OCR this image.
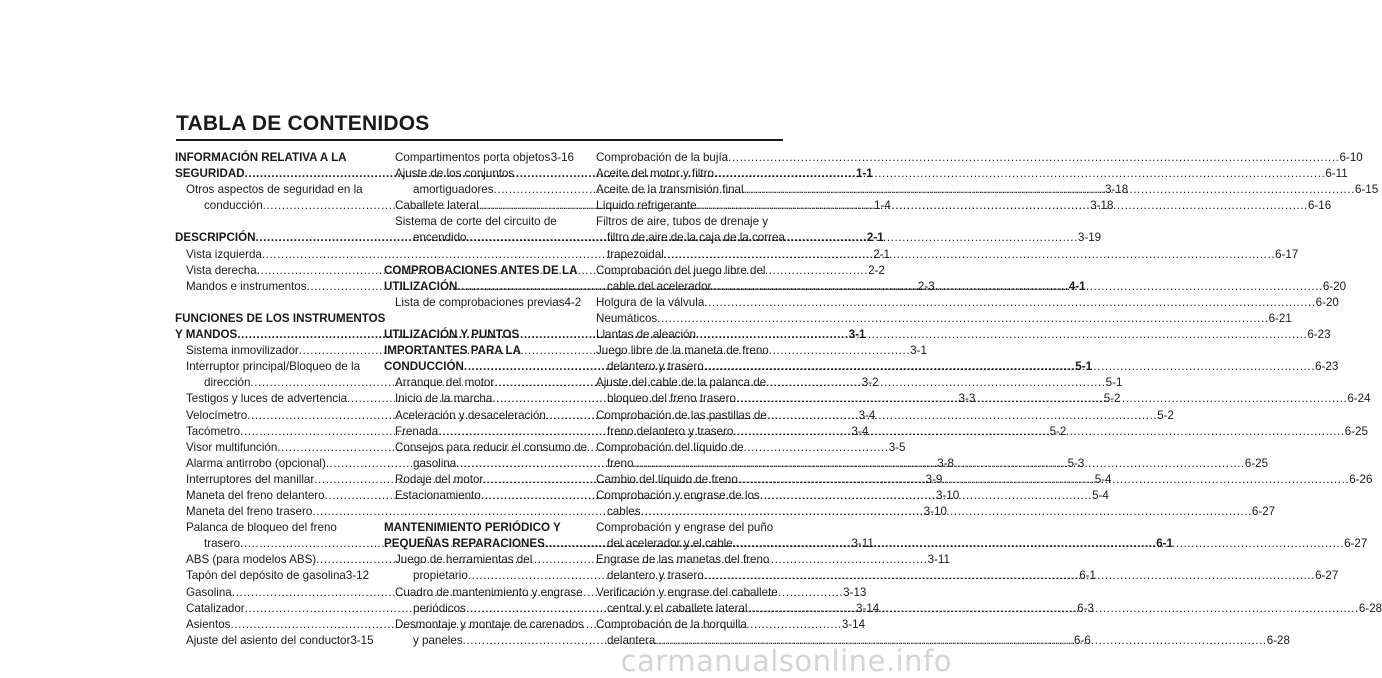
TABLA DE CONTENIDOS
INFORMACIÓN RELATIVA A LA
SEGURIDAD .....	1-1
Otros aspectos de seguridad en la
conducción .....	1-4
DESCRIPCIÓN .....	2-1
Vista izquierda .....	2-1
Vista derecha .....	2-2
Mandos e instrumentos .....	2-3
FUNCIONES DE LOS INSTRUMENTOS
Y MANDOS .....	3-1
Sistema inmovilizador .....	3-1
Interruptor principal/Bloqueo de la
dirección .....	3-2
Testigos y luces de advertencia .....	3-3
Velocímetro .....	3-4
Tacómetro .....	3-4
Visor multifunción .....	3-5
Alarma antirrobo (opcional) .....	3-8
Interruptores del manillar .....	3-9
Maneta del freno delantero .....	3-10
Maneta del freno trasero .....	3-10
Palanca de bloqueo del freno
trasero .....	3-11
ABS (para modelos ABS) .....	3-11
Tapón del depósito de gasolina 3-12
Gasolina .....	3-13
Catalizador .....	3-14
Asientos .....	3-14
Ajuste del asiento del conductor 3-15
Compartimentos porta objetos ..... 3-16
Ajuste de los conjuntos
amortiguadores .....	3-18
Caballete lateral .....	3-18
Sistema de corte del circuito de
encendido .....	3-19
COMPROBACIONES ANTES DE LA
UTILIZACIÓN .....	4-1
Lista de comprobaciones previas 4-2
UTILIZACIÓN Y PUNTOS
IMPORTANTES PARA LA
CONDUCCIÓN .....	5-1
Arranque del motor .....	5-1
Inicio de la marcha .....	5-2
Aceleración y desaceleración .....	5-2
Frenada .....	5-2
Consejos para reducir el consumo de
gasolina .....	5-3
Rodaje del motor .....	5-4
Estacionamiento .....	5-4
MANTENIMIENTO PERIÓDICO Y
PEQUEÑAS REPARACIONES .....	6-1
Juego de herramientas del
propietario .....	6-1
Cuadro de mantenimiento y engrase
periódicos .....	6-3
Desmontaje y montaje de carenados
y paneles .....	6-6
Comprobación de la bujía .....	6-10
Aceite del motor y filtro .....	6-11
Aceite de la transmisión final .....	6-15
Líquido refrigerante .....	6-16
Filtros de aire, tubos de drenaje y
filtro de aire de la caja de la correa
trapezoidal .....	6-17
Comprobación del juego libre del
cable del acelerador .....	6-20
Holgura de la válvula .....	6-20
Neumáticos .....	6-21
Llantas de aleación .....	6-23
Juego libre de la maneta de freno
delantero y trasero .....	6-23
Ajuste del cable de la palanca de
bloqueo del freno trasero .....	6-24
Comprobación de las pastillas de
freno delantero y trasero .....	6-25
Comprobación del líquido de
freno .....	6-25
Cambio del líquido de freno .....	6-26
Comprobación y engrase de los
cables .....	6-27
Comprobación y engrase del puño
del acelerador y el cable .....	6-27
Engrase de las manetas del freno
delantero y trasero .....	6-27
Verificación y engrase del caballete
central y el caballete lateral .....	6-28
Comprobación de la horquilla
delantera .....	6-28
carmanualsonline.info
